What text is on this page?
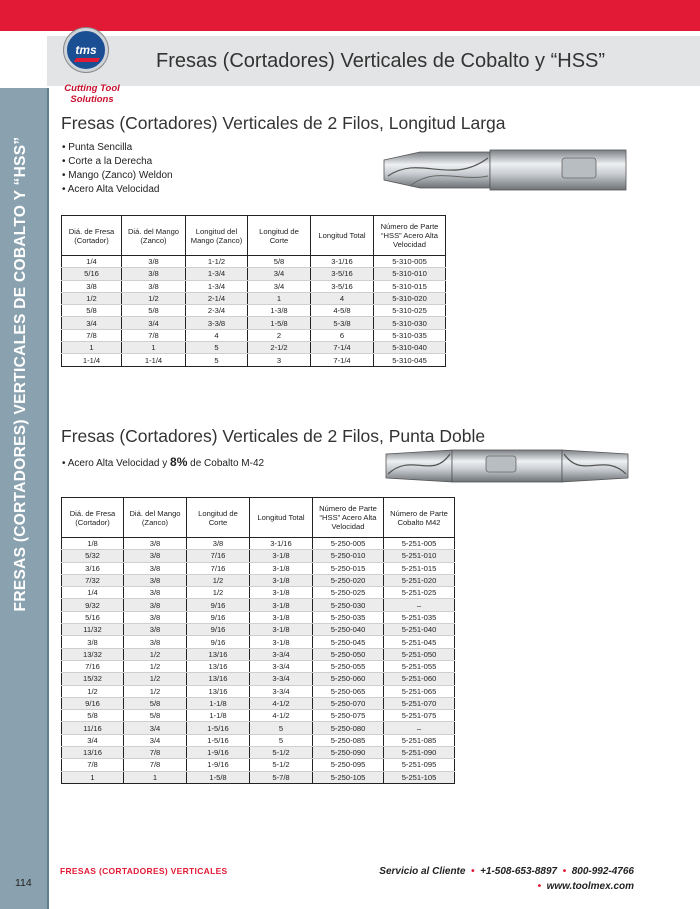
Fresas (Cortadores) Verticales de Cobalto y “HSS”
FRESAS (CORTADORES) VERTICALES DE COBALTO Y “HSS”
tms
Cutting Tool
Solutions
Fresas (Cortadores) Verticales de 2 Filos, Longitud Larga
• Punta Sencilla
• Corte a la Derecha
• Mango (Zanco) Weldon
• Acero Alta Velocidad
Diá. de Fresa (Cortador)	Diá. del Mango (Zanco)	Longitud del Mango (Zanco)	Longitud de Corte	Longitud Total	Número de Parte “HSS” Acero Alta Velocidad
1/4	3/8	1-1/2	5/8	3-1/16	5-310-005
5/16	3/8	1-3/4	3/4	3-5/16	5-310-010
3/8	3/8	1-3/4	3/4	3-5/16	5-310-015
1/2	1/2	2-1/4	1	4	5-310-020
5/8	5/8	2-3/4	1-3/8	4-5/8	5-310-025
3/4	3/4	3-3/8	1-5/8	5-3/8	5-310-030
7/8	7/8	4	2	6	5-310-035
1	1	5	2-1/2	7-1/4	5-310-040
1-1/4	1-1/4	5	3	7-1/4	5-310-045
Fresas (Cortadores) Verticales de 2 Filos, Punta Doble
• Acero Alta Velocidad y 8% de Cobalto M-42
Diá. de Fresa (Cortador)	Diá. del Mango (Zanco)	Longitud de Corte	Longitud Total	Número de Parte “HSS” Acero Alta Velocidad	Número de Parte Cobalto M42
1/8	3/8	3/8	3-1/16	5-250-005	5-251-005
5/32	3/8	7/16	3-1/8	5-250-010	5-251-010
3/16	3/8	7/16	3-1/8	5-250-015	5-251-015
7/32	3/8	1/2	3-1/8	5-250-020	5-251-020
1/4	3/8	1/2	3-1/8	5-250-025	5-251-025
9/32	3/8	9/16	3-1/8	5-250-030	–
5/16	3/8	9/16	3-1/8	5-250-035	5-251-035
11/32	3/8	9/16	3-1/8	5-250-040	5-251-040
3/8	3/8	9/16	3-1/8	5-250-045	5-251-045
13/32	1/2	13/16	3-3/4	5-250-050	5-251-050
7/16	1/2	13/16	3-3/4	5-250-055	5-251-055
15/32	1/2	13/16	3-3/4	5-250-060	5-251-060
1/2	1/2	13/16	3-3/4	5-250-065	5-251-065
9/16	5/8	1-1/8	4-1/2	5-250-070	5-251-070
5/8	5/8	1-1/8	4-1/2	5-250-075	5-251-075
11/16	3/4	1-5/16	5	5-250-080	–
3/4	3/4	1-5/16	5	5-250-085	5-251-085
13/16	7/8	1-9/16	5-1/2	5-250-090	5-251-090
7/8	7/8	1-9/16	5-1/2	5-250-095	5-251-095
1	1	1-5/8	5-7/8	5-250-105	5-251-105
FRESAS (CORTADORES) VERTICALES	Servicio al Cliente  •  +1-508-653-8897  •  800-992-4766
•  www.toolmex.com
114
